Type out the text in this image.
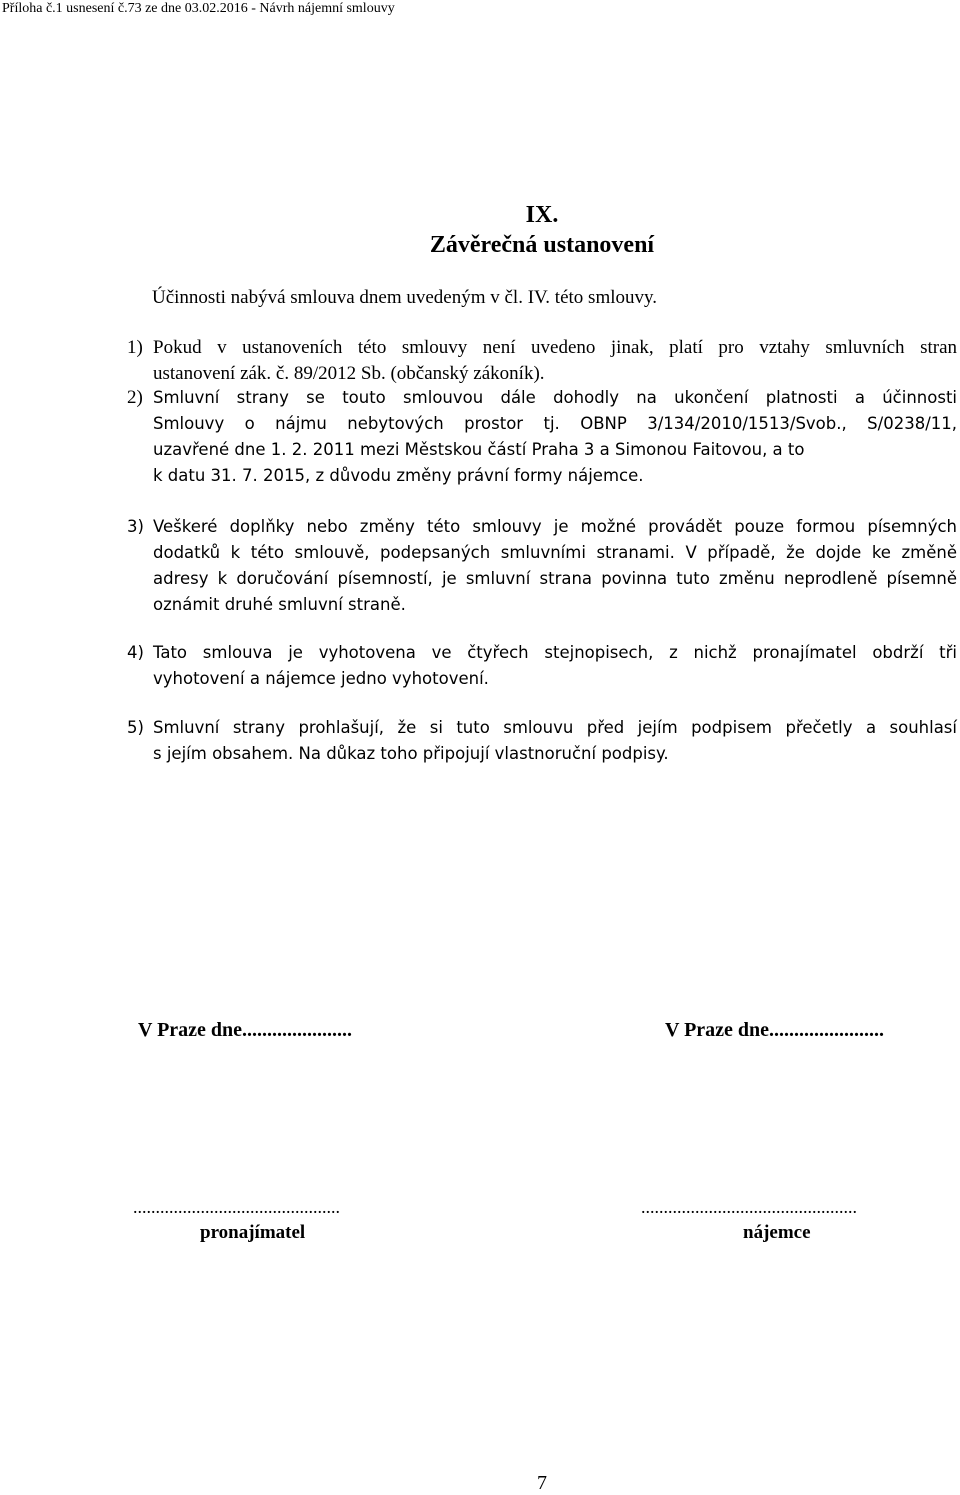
Příloha č.1 usnesení č.73 ze dne 03.02.2016 - Návrh nájemní smlouvy
IX.
Závěrečná ustanovení
Účinnosti nabývá smlouva dnem uvedeným v čl. IV. této smlouvy.
1) Pokud v ustanoveních této smlouvy není uvedeno jinak, platí pro vztahy smluvních stran
ustanovení zák. č. 89/2012 Sb. (občanský zákoník).
2) Smluvní strany se touto smlouvou dále dohodly na ukončení platnosti a účinnosti
Smlouvy o nájmu nebytových prostor tj. OBNP 3/134/2010/1513/Svob., S/0238/11,
uzavřené dne 1. 2. 2011 mezi Městskou částí Praha 3 a Simonou Faitovou, a to
k datu 31. 7. 2015, z důvodu změny právní formy nájemce.
3) Veškeré doplňky nebo změny této smlouvy je možné provádět pouze formou písemných
dodatků k této smlouvě, podepsaných smluvními stranami. V případě, že dojde ke změně
adresy k doručování písemností, je smluvní strana povinna tuto změnu neprodleně písemně
oznámit druhé smluvní straně.
4) Tato smlouva je vyhotovena ve čtyřech stejnopisech, z nichž pronajímatel obdrží tři
vyhotovení a nájemce jedno vyhotovení.
5) Smluvní strany prohlašují, že si tuto smlouvu před jejím podpisem přečetly a souhlasí
s jejím obsahem. Na důkaz toho připojují vlastnoruční podpisy.
V Praze dne......................	V Praze dne.......................
..............................................	................................................
pronajímatel	nájemce
7
